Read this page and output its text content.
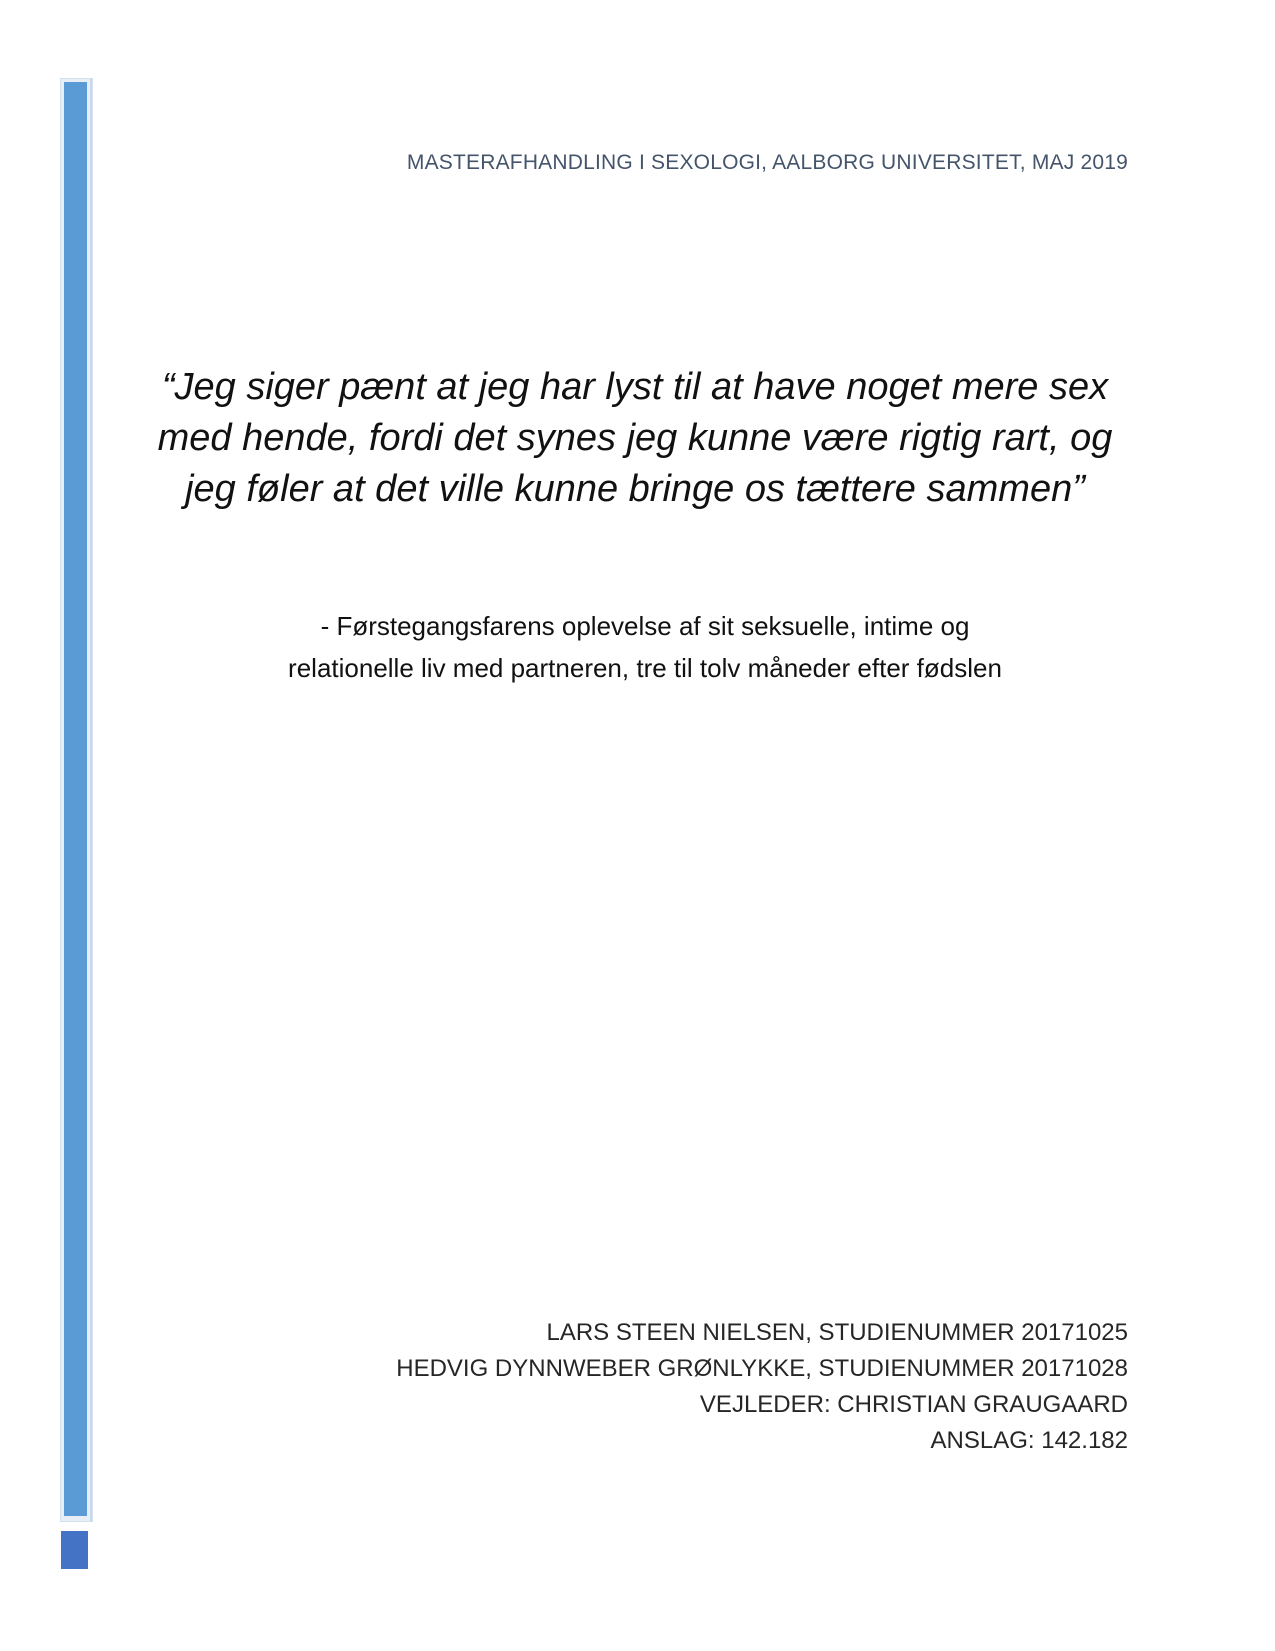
MASTERAFHANDLING I SEXOLOGI, AALBORG UNIVERSITET, MAJ 2019
“Jeg siger pænt at jeg har lyst til at have noget mere sex
med hende, fordi det synes jeg kunne være rigtig rart, og
jeg føler at det ville kunne bringe os tættere sammen”
- Førstegangsfarens oplevelse af sit seksuelle, intime og
relationelle liv med partneren, tre til tolv måneder efter fødslen
LARS STEEN NIELSEN, STUDIENUMMER 20171025
HEDVIG DYNNWEBER GRØNLYKKE, STUDIENUMMER 20171028
VEJLEDER: CHRISTIAN GRAUGAARD
ANSLAG: 142.182
